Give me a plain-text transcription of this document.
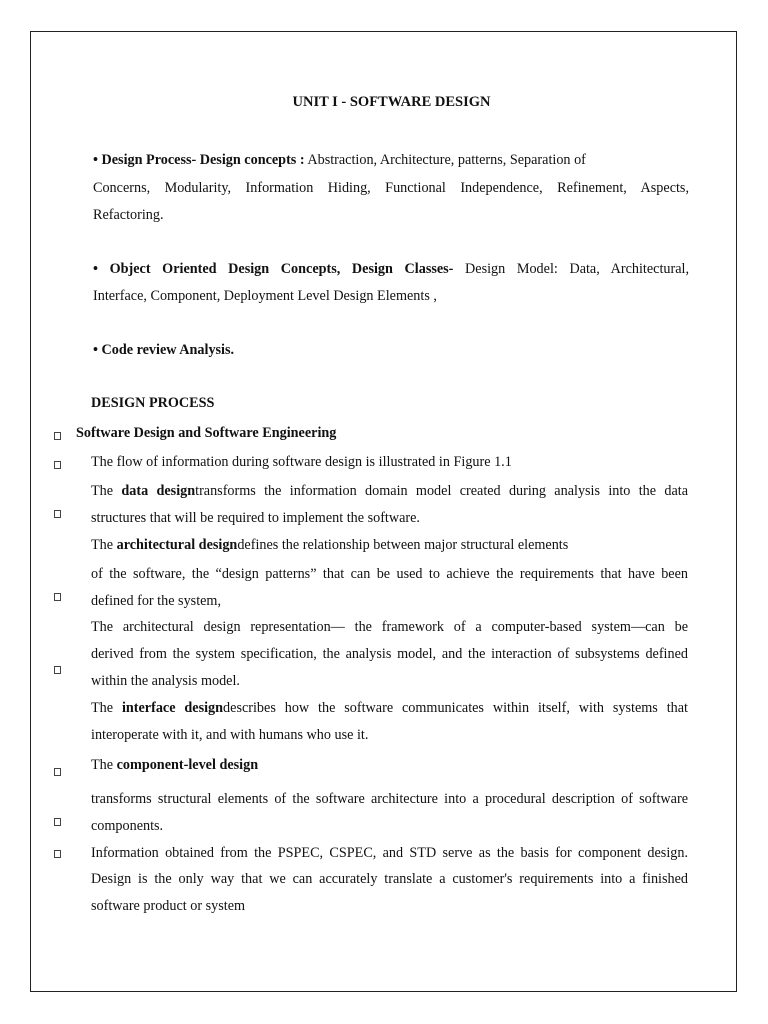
UNIT I - SOFTWARE DESIGN
• Design Process- Design concepts : Abstraction, Architecture, patterns, Separation of
Concerns, Modularity, Information Hiding, Functional Independence, Refinement, Aspects,
Refactoring.
• Object Oriented Design Concepts, Design Classes- Design Model: Data, Architectural,
Interface, Component, Deployment Level Design Elements ,
• Code review Analysis.
DESIGN PROCESS
Software Design and Software Engineering
The flow of information during software design is illustrated in Figure 1.1
The data designtransforms the information domain model created during analysis into the data
structures that will be required to implement the software.
The architectural designdefines the relationship between major structural elements
of the software, the “design patterns” that can be used to achieve the requirements that have been
defined for the system,
The architectural design representation— the framework of a computer-based system—can be
derived from the system specification, the analysis model, and the interaction of subsystems defined
within the analysis model.
The interface designdescribes how the software communicates within itself, with systems that
interoperate with it, and with humans who use it.
The component-level design
transforms structural elements of the software architecture into a procedural description of software
components.
Information obtained from the PSPEC, CSPEC, and STD serve as the basis for component design.
Design is the only way that we can accurately translate a customer's requirements into a finished
software product or system
